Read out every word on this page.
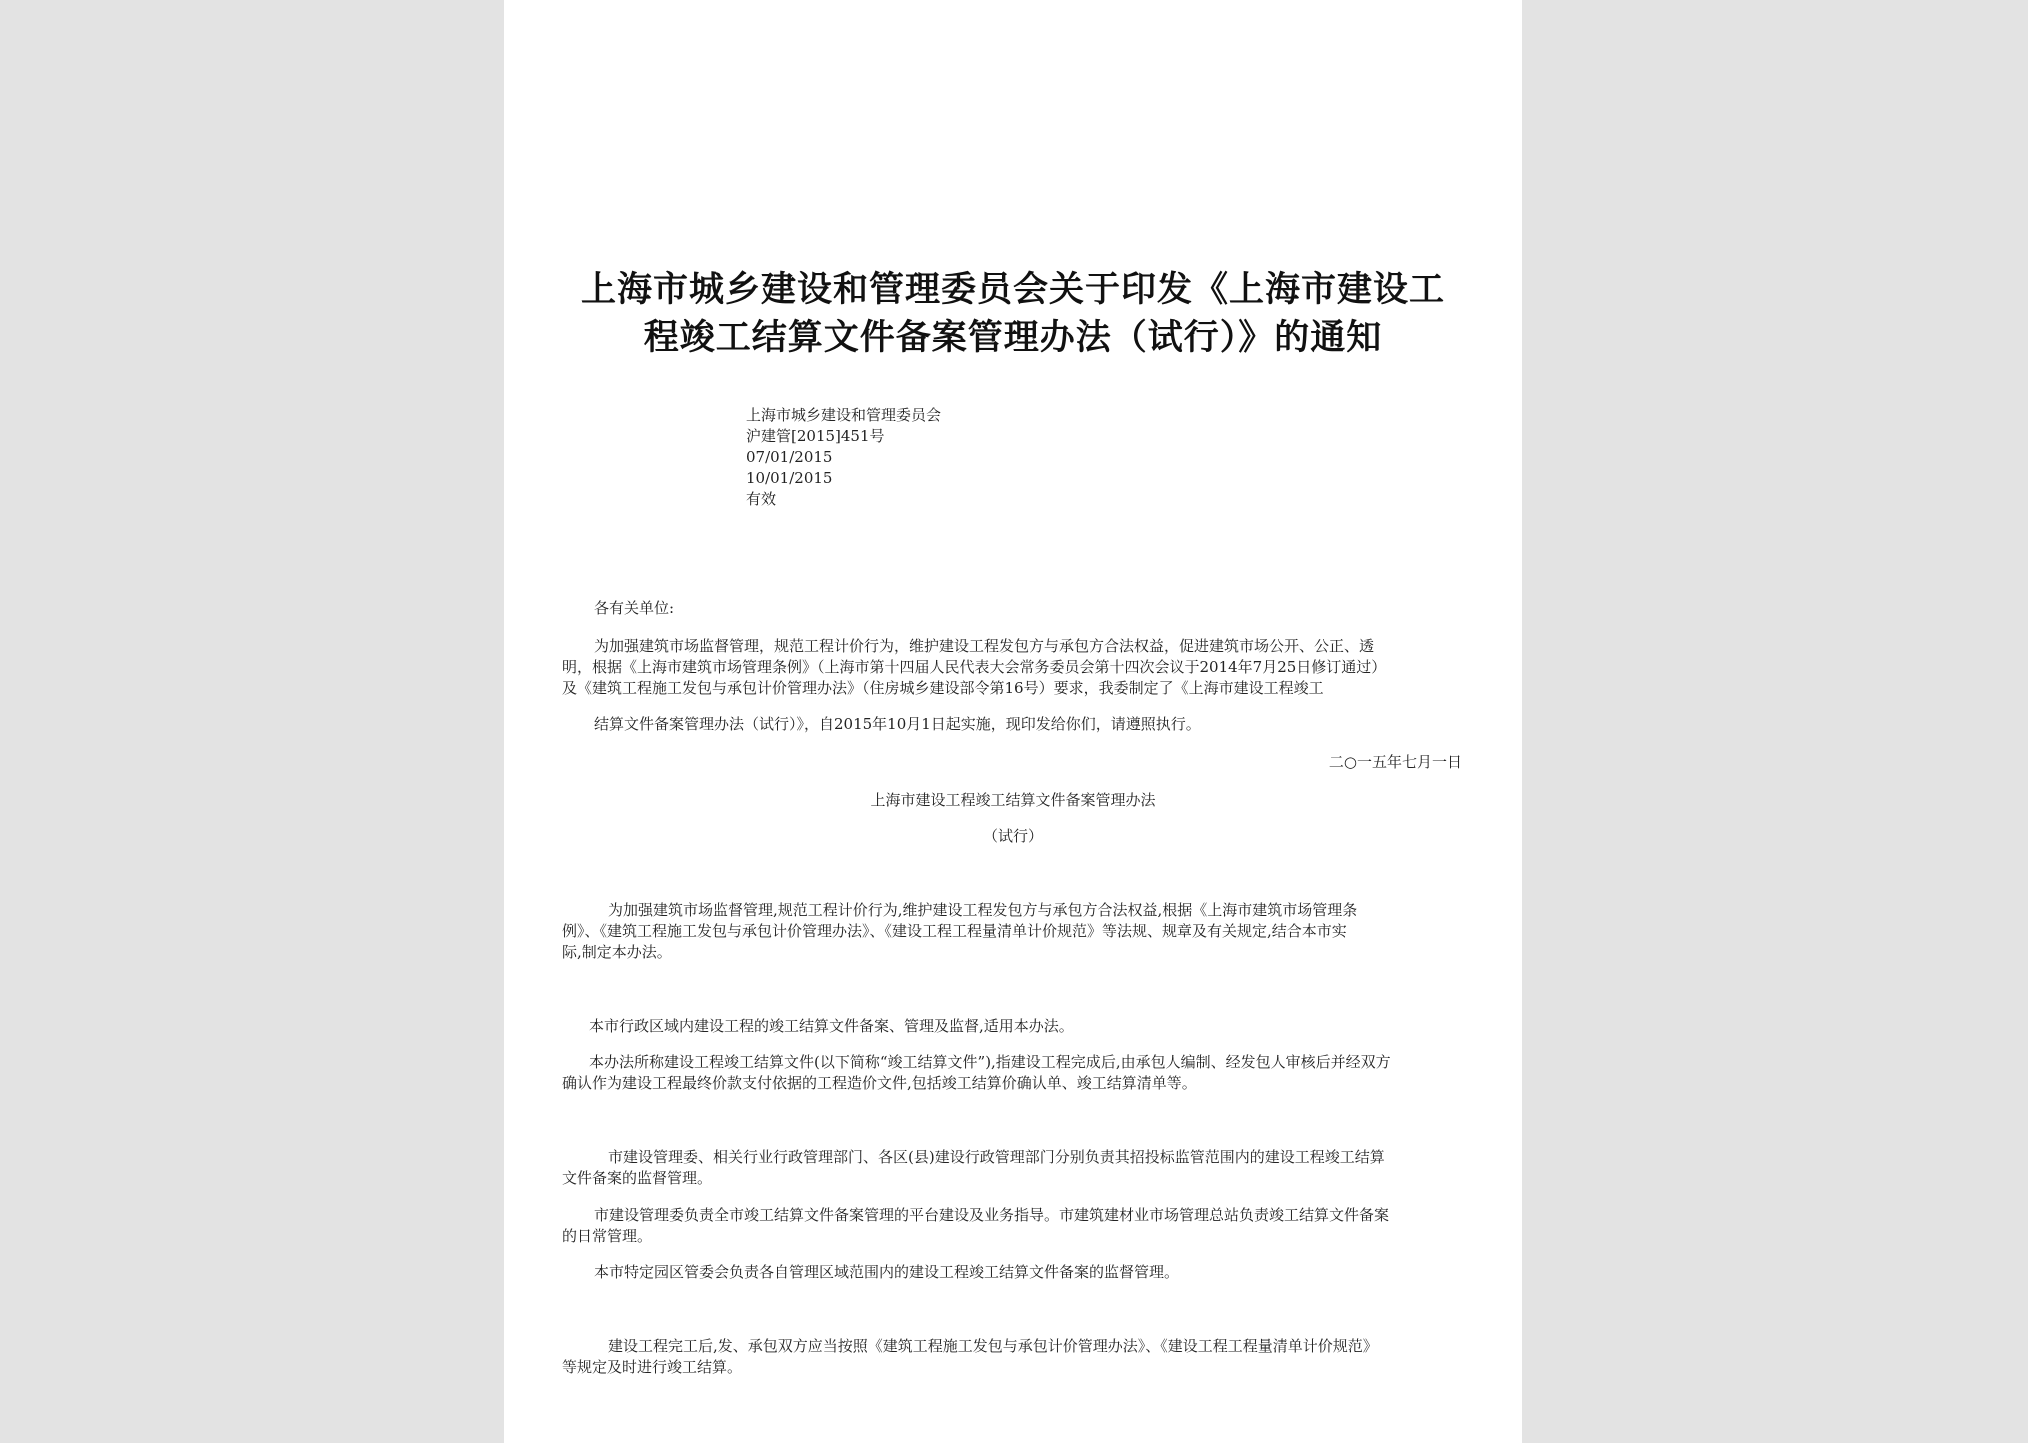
上海市城乡建设和管理委员会关于印发《上海市建设工
程竣工结算文件备案管理办法（试行）》的通知
上海市城乡建设和管理委员会
沪建管[2015]451号
07/01/2015
10/01/2015
有效
各有关单位:
为加强建筑市场监督管理，规范工程计价行为，维护建设工程发包方与承包方合法权益，促进建筑市场公开、公正、透
明，根据《上海市建筑市场管理条例》（上海市第十四届人民代表大会常务委员会第十四次会议于2014年7月25日修订通过）
及《建筑工程施工发包与承包计价管理办法》（住房城乡建设部令第16号）要求，我委制定了《上海市建设工程竣工
结算文件备案管理办法（试行）》，自2015年10月1日起实施，现印发给你们，请遵照执行。
二○一五年七月一日
上海市建设工程竣工结算文件备案管理办法
（试行）
为加强建筑市场监督管理,规范工程计价行为,维护建设工程发包方与承包方合法权益,根据《上海市建筑市场管理条
例》、《建筑工程施工发包与承包计价管理办法》、《建设工程工程量清单计价规范》等法规、规章及有关规定,结合本市实
际,制定本办法。
本市行政区域内建设工程的竣工结算文件备案、管理及监督,适用本办法。
本办法所称建设工程竣工结算文件(以下简称“竣工结算文件”),指建设工程完成后,由承包人编制、经发包人审核后并经双方
确认作为建设工程最终价款支付依据的工程造价文件,包括竣工结算价确认单、竣工结算清单等。
市建设管理委、相关行业行政管理部门、各区(县)建设行政管理部门分别负责其招投标监管范围内的建设工程竣工结算
文件备案的监督管理。
市建设管理委负责全市竣工结算文件备案管理的平台建设及业务指导。市建筑建材业市场管理总站负责竣工结算文件备案
的日常管理。
本市特定园区管委会负责各自管理区域范围内的建设工程竣工结算文件备案的监督管理。
建设工程完工后,发、承包双方应当按照《建筑工程施工发包与承包计价管理办法》、《建设工程工程量清单计价规范》
等规定及时进行竣工结算。
